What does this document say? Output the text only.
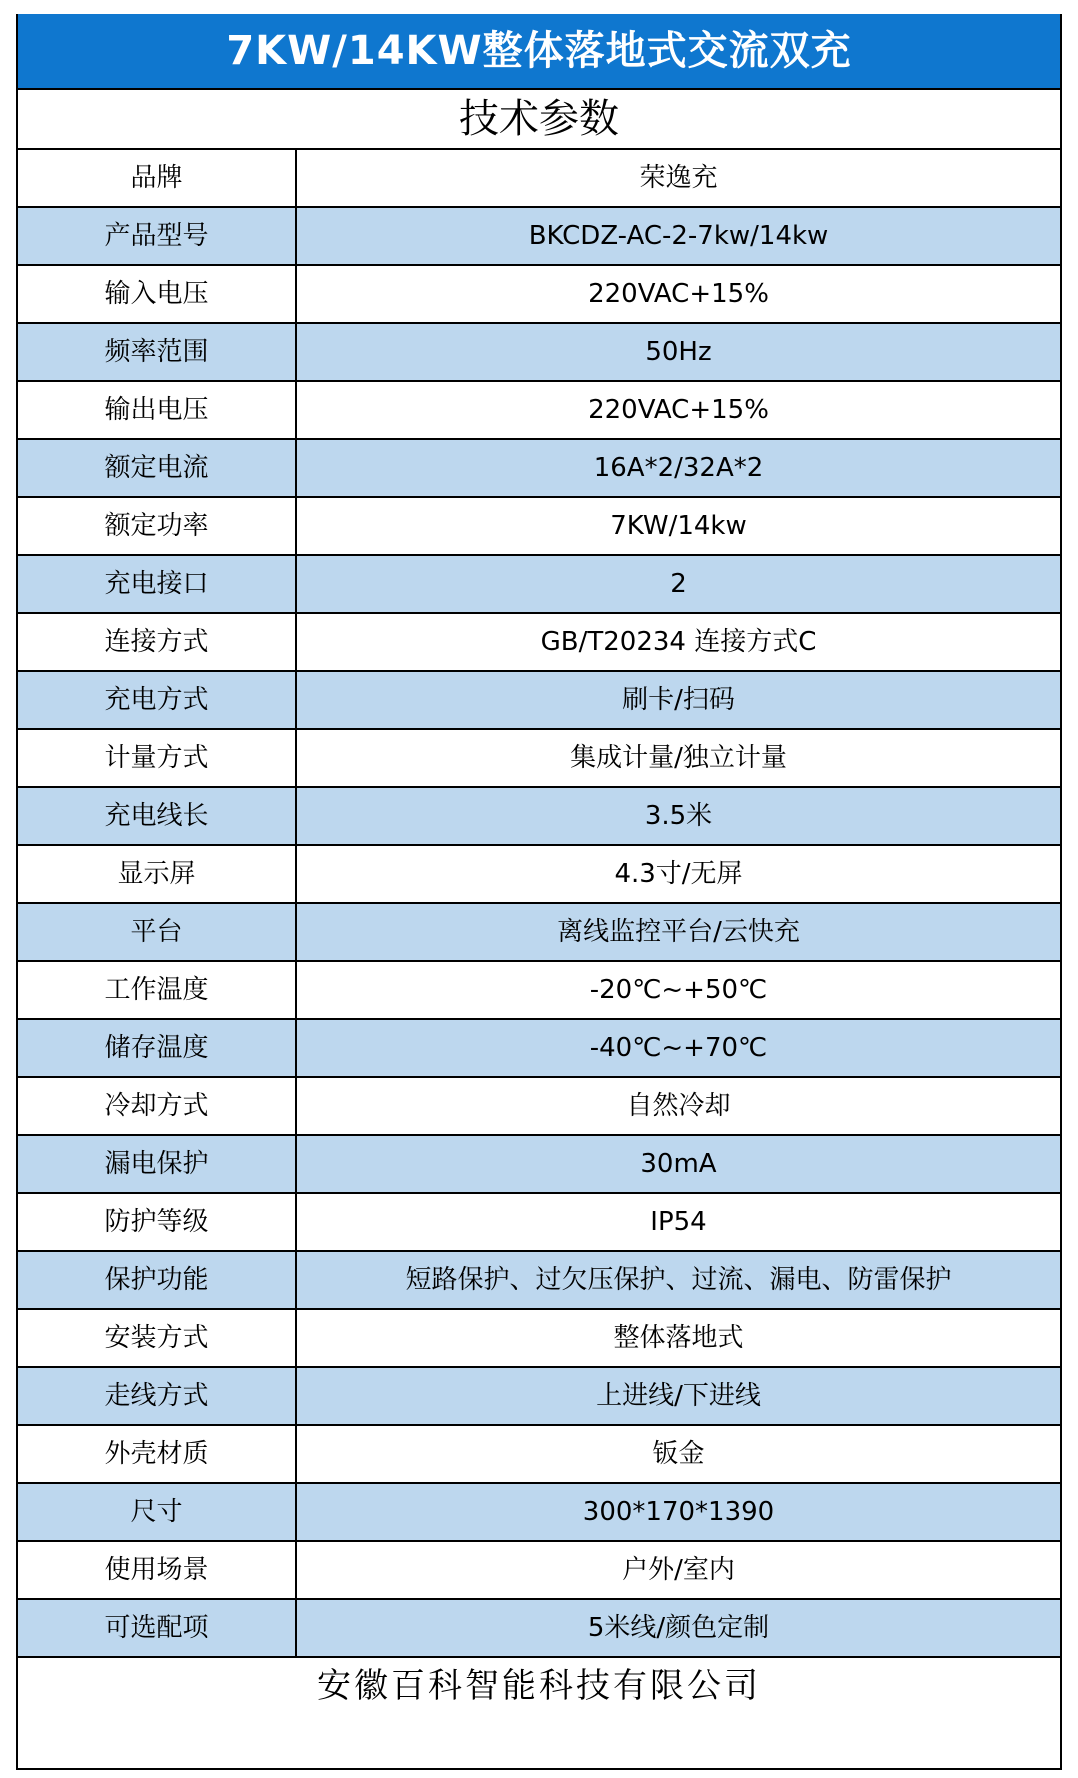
7KW/14KW整体落地式交流双充
技术参数
品牌	荣逸充
产品型号	BKCDZ-AC-2-7kw/14kw
输入电压	220VAC+15%
频率范围	50Hz
输出电压	220VAC+15%
额定电流	16A*2/32A*2
额定功率	7KW/14kw
充电接口	2
连接方式	GB/T20234 连接方式C
充电方式	刷卡/扫码
计量方式	集成计量/独立计量
充电线长	3.5米
显示屏	4.3寸/无屏
平台	离线监控平台/云快充
工作温度	-20℃~+50℃
储存温度	-40℃~+70℃
冷却方式	自然冷却
漏电保护	30mA
防护等级	IP54
保护功能	短路保护、过欠压保护、过流、漏电、防雷保护
安装方式	整体落地式
走线方式	上进线/下进线
外壳材质	钣金
尺寸	300*170*1390
使用场景	户外/室内
可选配项	5米线/颜色定制
安徽百科智能科技有限公司
